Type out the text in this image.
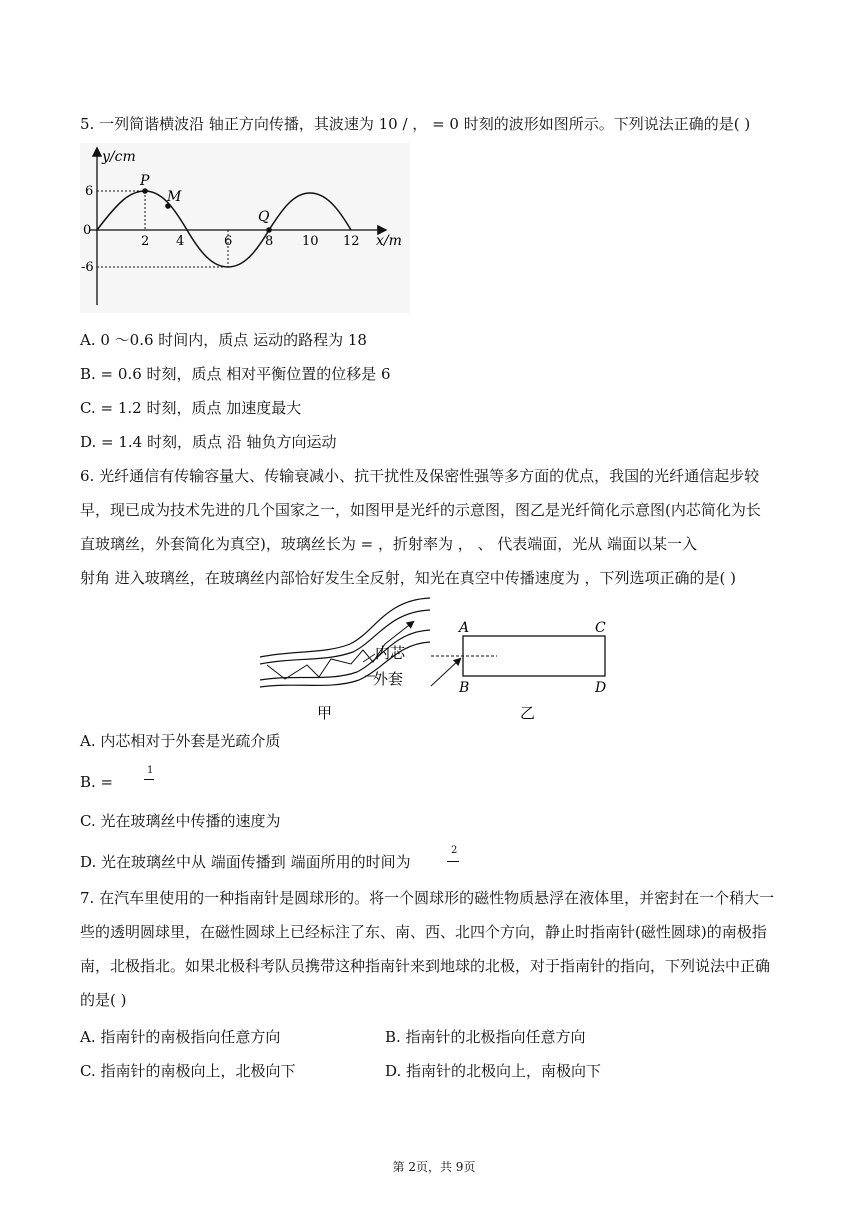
5. 一列简谐横波沿 轴正方向传播，其波速为 10 / ， = 0 时刻的波形如图所示。下列说法正确的是( )
y/cm
x/m
0
6
-6
2 4	6	8 10 12
P
M
Q
A. 0 ～0.6 时间内，质点 运动的路程为 18
B. = 0.6 时刻，质点 相对平衡位置的位移是 6
C. = 1.2 时刻，质点 加速度最大
D. = 1.4 时刻，质点 沿 轴负方向运动
6. 光纤通信有传输容量大、传输衰减小、抗干扰性及保密性强等多方面的优点，我国的光纤通信起步较
早，现已成为技术先进的几个国家之一，如图甲是光纤的示意图，图乙是光纤简化示意图(内芯简化为长
直玻璃丝，外套简化为真空)，玻璃丝长为 = ，折射率为 ， 、 代表端面，光从 端面以某一入
射角 进入玻璃丝，在玻璃丝内部恰好发生全反射，知光在真空中传播速度为 ，下列选项正确的是( )
内芯
外套
甲
A
B
C
D
乙
A. 内芯相对于外套是光疏介质
B. =
1
C. 光在玻璃丝中传播的速度为
D. 光在玻璃丝中从 端面传播到 端面所用的时间为
2
7. 在汽车里使用的一种指南针是圆球形的。将一个圆球形的磁性物质悬浮在液体里，并密封在一个稍大一
些的透明圆球里，在磁性圆球上已经标注了东、南、西、北四个方向，静止时指南针(磁性圆球)的南极指
南，北极指北。如果北极科考队员携带这种指南针来到地球的北极，对于指南针的指向，下列说法中正确
的是( )
A. 指南针的南极指向任意方向	B. 指南针的北极指向任意方向
C. 指南针的南极向上，北极向下	D. 指南针的北极向上，南极向下
第 2页，共 9页
